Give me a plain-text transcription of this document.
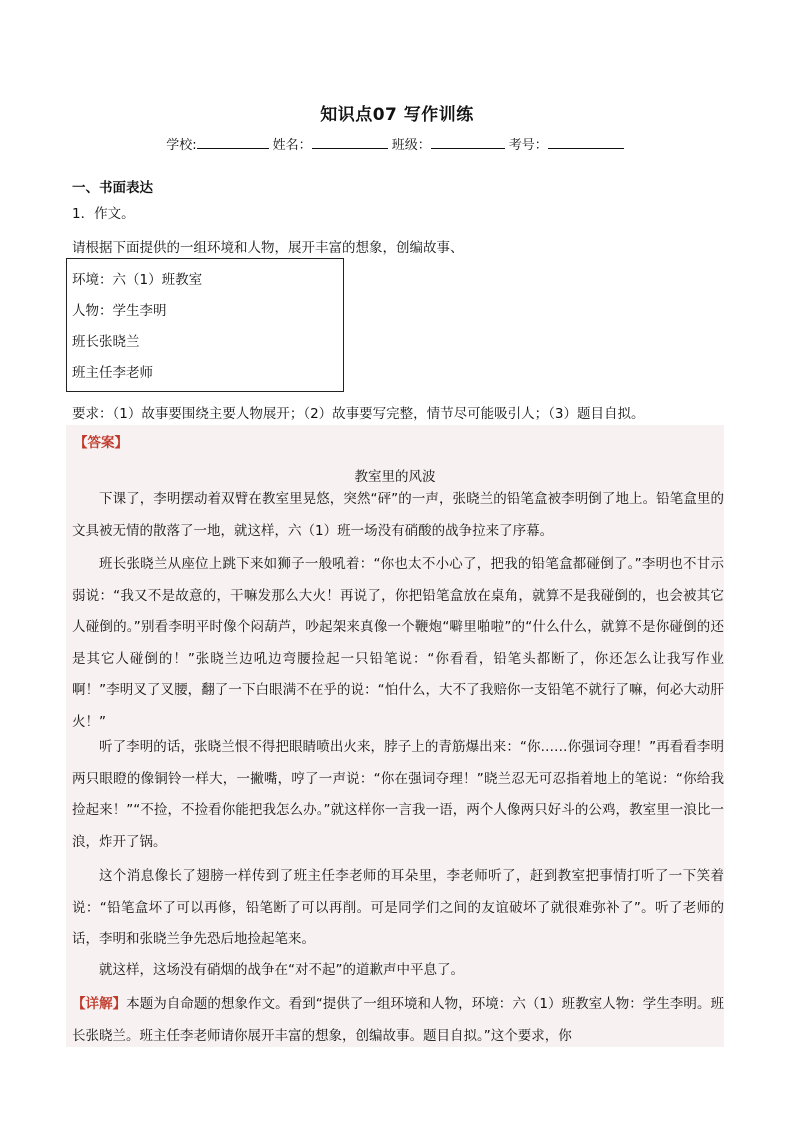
知识点07 写作训练
学校:	姓名：	班级：	考号：
一、书面表达
1．作文。
请根据下面提供的一组环境和人物，展开丰富的想象，创编故事、
环境：六（1）班教室
人物：学生李明
班长张晓兰
班主任李老师
要求：（1）故事要围绕主要人物展开；（2）故事要写完整，情节尽可能吸引人；（3）题目自拟。
【答案】
教室里的风波
下课了，李明摆动着双臂在教室里晃悠，突然“砰”的一声，张晓兰的铅笔盒被李明倒了地上。铅笔盒里的文具被无情的散落了一地，就这样，六（1）班一场没有硝酸的战争拉来了序幕。
班长张晓兰从座位上跳下来如狮子一般吼着：“你也太不小心了，把我的铅笔盒都碰倒了。”李明也不甘示弱说：“我又不是故意的，干嘛发那么大火！再说了，你把铅笔盒放在桌角，就算不是我碰倒的，也会被其它人碰倒的。”别看李明平时像个闷葫芦，吵起架来真像一个鞭炮“噼里啪啦”的“什么什么，就算不是你碰倒的还是其它人碰倒的！”张晓兰边吼边弯腰捡起一只铅笔说：“你看看，铅笔头都断了，你还怎么让我写作业啊！”李明叉了叉腰，翻了一下白眼满不在乎的说：“怕什么，大不了我赔你一支铅笔不就行了嘛，何必大动肝火！”
听了李明的话，张晓兰恨不得把眼睛喷出火来，脖子上的青筋爆出来：“你……你强词夺理！”再看看李明两只眼瞪的像铜铃一样大，一撇嘴，哼了一声说：“你在强词夺理！”晓兰忍无可忍指着地上的笔说：“你给我捡起来！”“不捡，不捡看你能把我怎么办。”就这样你一言我一语，两个人像两只好斗的公鸡，教室里一浪比一浪，炸开了锅。
这个消息像长了翅膀一样传到了班主任李老师的耳朵里，李老师听了，赶到教室把事情打听了一下笑着说：“铅笔盒坏了可以再修，铅笔断了可以再削。可是同学们之间的友谊破坏了就很难弥补了”。听了老师的话，李明和张晓兰争先恐后地捡起笔来。
就这样，这场没有硝烟的战争在“对不起”的道歉声中平息了。
【详解】本题为自命题的想象作文。看到“提供了一组环境和人物，环境：六（1）班教室人物：学生李明。班长张晓兰。班主任李老师请你展开丰富的想象，创编故事。题目自拟。”这个要求，你
